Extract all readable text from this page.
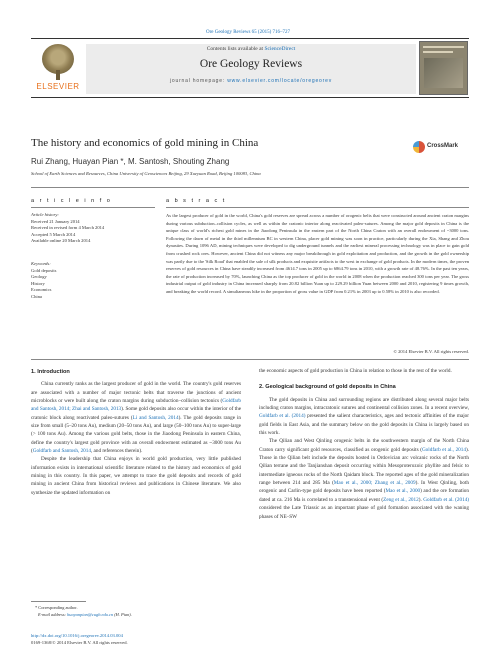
Ore Geology Reviews 65 (2015) 716–727
ELSEVIER
Contents lists available at ScienceDirect
Ore Geology Reviews
journal homepage: www.elsevier.com/locate/oregeorev
The history and economics of gold mining in China	CrossMark
Rui Zhang, Huayan Pian *, M. Santosh, Shouting Zhang
School of Earth Sciences and Resources, China University of Geosciences Beijing, 29 Xueyuan Road, Beijing 100083, China
a r t i c l e i n f o	a b s t r a c t
Article history:
Received 21 January 2014
Received in revised form 4 March 2014
Accepted 5 March 2014
Available online 20 March 2014
Keywords:
Gold deposits
Geology
History
Economics
China
As the largest producer of gold in the world, China's gold reserves are spread across a number of orogenic belts that were constructed around ancient craton margins during various subduction–collision cycles, as well as within the cratonic interior along reactivated paleo-sutures. Among the major gold deposits in China is the unique class of world's richest gold mines in the Jiaodong Peninsula in the eastern part of the North China Craton with an overall endowment of ~3000 tons. Following the dawn of metal in the third millennium BC in western China, placer gold mining was soon in practice, particularly during the Xia, Shang and Zhou dynasties. During 1096 AD, mining techniques were developed to dig underground tunnels and the earliest mineral processing technology was in place to gain gold from crushed rock ores. However, ancient China did not witness any major breakthrough in gold exploitation and production, and the growth in the gold ownership was partly due to the 'Silk Road' that enabled the sale of silk products and exquisite artifacts to the west in exchange of gold products. In the modern times, the proven reserves of gold resources in China have steadily increased from 4614.7 tons in 2005 up to 6864.79 tons in 2010, with a growth rate of 48.76%. In the past ten years, the rate of production increased by 70%, launching China as the top producer of gold in the world in 2008 when the production reached 300 tons per year. The gross industrial output of gold industry in China increased sharply from 20.82 billion Yuan up to 229.29 billion Yuan between 2000 and 2010, registering 9 times growth, and breaking the world record. A simultaneous hike in the proportion of gross value in GDP from 0.21% in 2003 up to 0.58% in 2010 is also recorded.
© 2014 Elsevier B.V. All rights reserved.
1. Introduction

China currently ranks as the largest producer of gold in the world. The country's gold reserves are associated with a number of major tectonic belts that traverse the junctions of ancient microblocks or were built along the craton margins during subduction–collision tectonics (Goldfarb and Santosh, 2014; Zhai and Santosh, 2013). Some gold deposits also occur within the interior of the cratonic block along reactivated paleo-sutures (Li and Santosh, 2014). The gold deposits range in size from small (5–20 tons Au), medium (20–50 tons Au), and large (50–100 tons Au) to super-large (> 100 tons Au). Among the various gold belts, those in the Jiaodong Peninsula in eastern China, define the country's largest gold province with an overall endowment estimated as ~3000 tons Au (Goldfarb and Santosh, 2014, and references therein).

Despite the leadership that China enjoys in world gold production, very little published information exists in international scientific literature related to the history and economics of gold mining in this country. In this paper, we attempt to trace the gold deposits and records of gold mining in ancient China from historical reviews and publications in Chinese literature. We also synthesize the updated information on

the economic aspects of gold production in China in relation to those in the rest of the world.

2. Geological background of gold deposits in China

The gold deposits in China and surrounding regions are distributed along several major belts including craton margins, intracratonic sutures and continental collision zones. In a recent overview, Goldfarb et al. (2014) presented the salient characteristics, ages and tectonic affinities of the major gold fields in East Asia, and the summary below on the gold deposits in China is largely based on this work.

The Qilian and West Qinling orogenic belts in the southwestern margin of the North China Craton carry significant gold resources, classified as orogenic gold deposits (Goldfarb et al., 2014). Those in the Qilian belt include the deposits hosted in Ordovician arc volcanic rocks of the North Qilian terrane and the Tanjianshan deposit occurring within Mesoproterozoic phyllite and felsic to intermediate igneous rocks of the North Qaidam block. The reported ages of the gold mineralization range between 214 and 285 Ma (Mao et al., 2000; Zhang et al., 2009). In West Qinling, both orogenic and Carlin-type gold deposits have been reported (Mao et al., 2000) and the ore formation dated at ca. 216 Ma is correlated to a transtensional event (Zeng et al., 2012). Goldfarb et al. (2014) considered the Late Triassic as an important phase of gold formation associated with the waning phases of NE–SW

* Corresponding author.
E-mail address: huayanpian@cugb.edu.cn (H. Pian).
http://dx.doi.org/10.1016/j.oregeorev.2014.03.004
0169-1368/© 2014 Elsevier B.V. All rights reserved.
